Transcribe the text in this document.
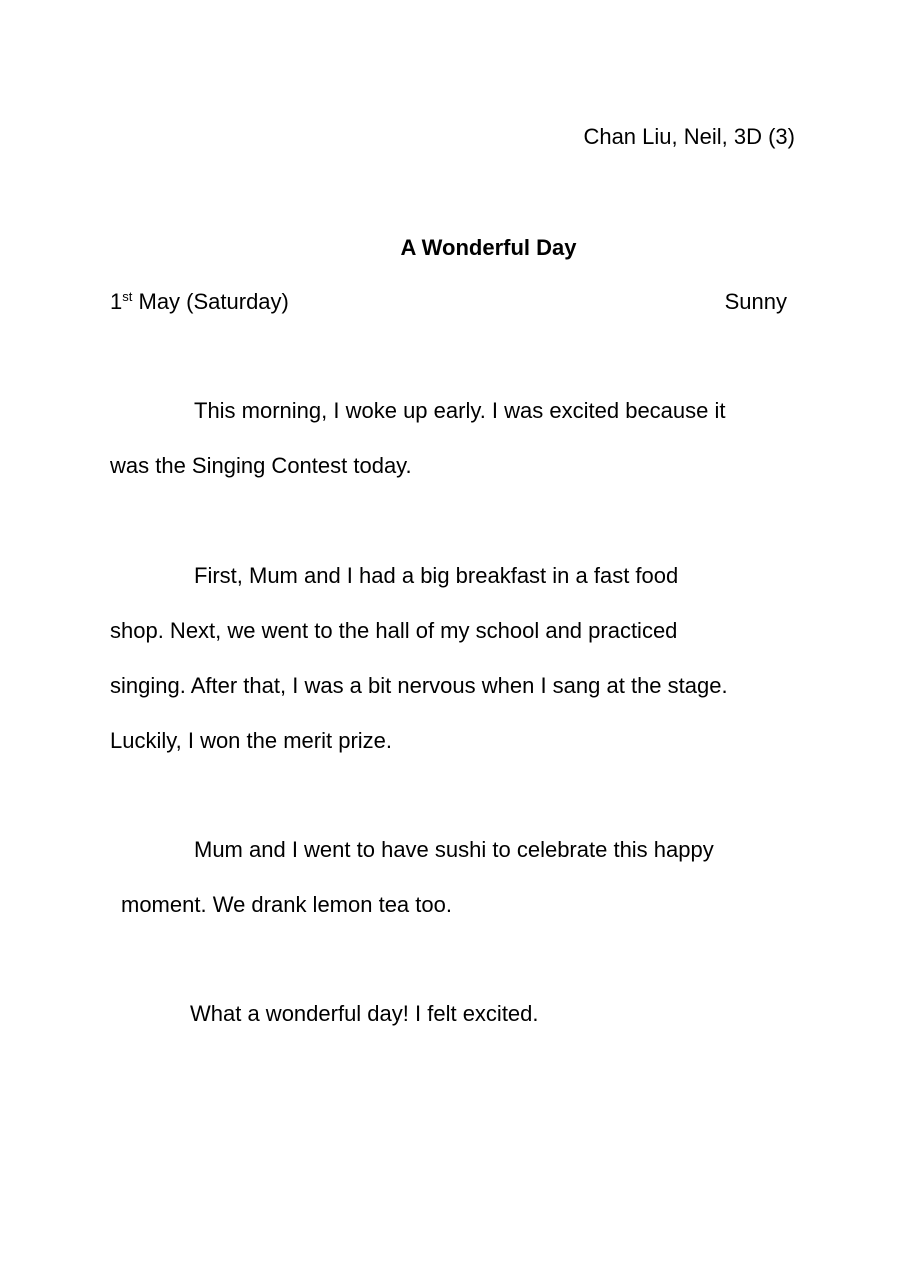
Chan Liu, Neil, 3D (3)
A Wonderful Day
1st May (Saturday)	Sunny
This morning, I woke up early. I was excited because it
was the Singing Contest today.
First, Mum and I had a big breakfast in a fast food
shop. Next, we went to the hall of my school and practiced
singing. After that, I was a bit nervous when I sang at the stage.
Luckily, I won the merit prize.
Mum and I went to have sushi to celebrate this happy
moment. We drank lemon tea too.
What a wonderful day! I felt excited.
